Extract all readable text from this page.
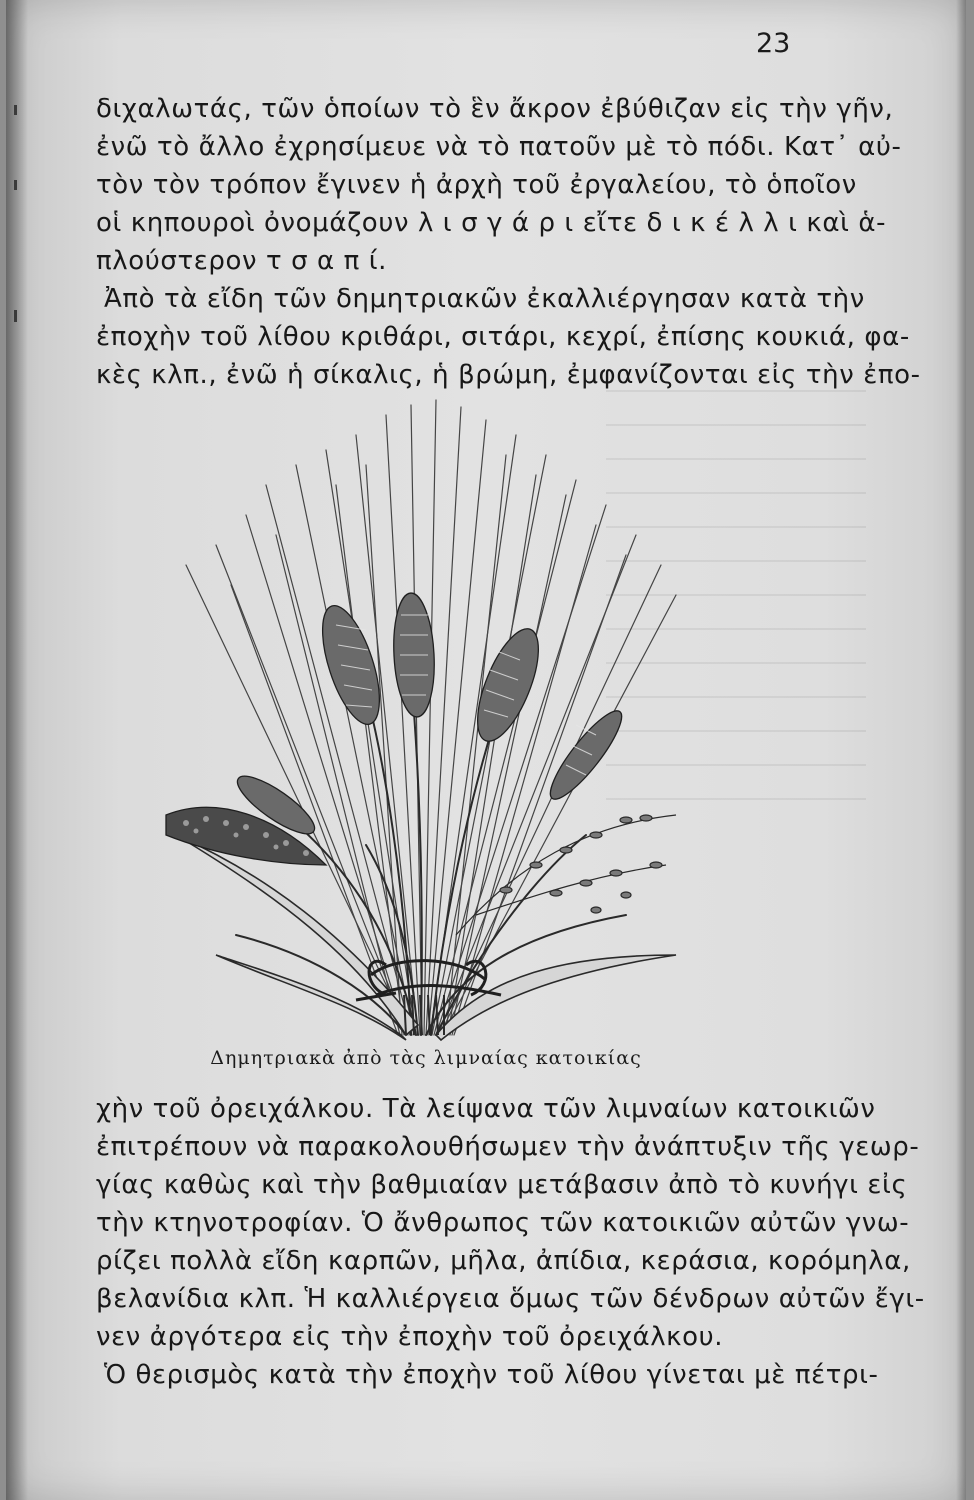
23
διχαλωτάς, τῶν ὁποίων τὸ ἓν ἄκρον ἐβύθιζαν εἰς τὴν γῆν,
ἐνῶ τὸ ἄλλο ἐχρησίμευε νὰ τὸ πατοῦν μὲ τὸ πόδι. Κατ᾽ αὐ-
τὸν τὸν τρόπον ἔγινεν ἡ ἀρχὴ τοῦ ἐργαλείου, τὸ ὁποῖον
οἱ κηπουροὶ ὀνομάζουν λ ι σ γ ά ρ ι εἴτε δ ι κ έ λ λ ι καὶ ἁ-
πλούστερον τ σ α π ί.
Ἀπὸ τὰ εἴδη τῶν δημητριακῶν ἐκαλλιέργησαν κατὰ τὴν
ἐποχὴν τοῦ λίθου κριθάρι, σιτάρι, κεχρί, ἐπίσης κουκιά, φα-
κὲς κλπ., ἐνῶ ἡ σίκαλις, ἡ βρώμη, ἐμφανίζονται εἰς τὴν ἐπο-
Δημητριακὰ ἀπὸ τὰς λιμναίας κατοικίας
χὴν τοῦ ὀρειχάλκου. Τὰ λείψανα τῶν λιμναίων κατοικιῶν
ἐπιτρέπουν νὰ παρακολουθήσωμεν τὴν ἀνάπτυξιν τῆς γεωρ-
γίας καθὼς καὶ τὴν βαθμιαίαν μετάβασιν ἀπὸ τὸ κυνήγι εἰς
τὴν κτηνοτροφίαν. Ὁ ἄνθρωπος τῶν κατοικιῶν αὐτῶν γνω-
ρίζει πολλὰ εἴδη καρπῶν, μῆλα, ἀπίδια, κεράσια, κορόμηλα,
βελανίδια κλπ. Ἡ καλλιέργεια ὅμως τῶν δένδρων αὐτῶν ἔγι-
νεν ἀργότερα εἰς τὴν ἐποχὴν τοῦ ὀρειχάλκου.
Ὁ θερισμὸς κατὰ τὴν ἐποχὴν τοῦ λίθου γίνεται μὲ πέτρι-
